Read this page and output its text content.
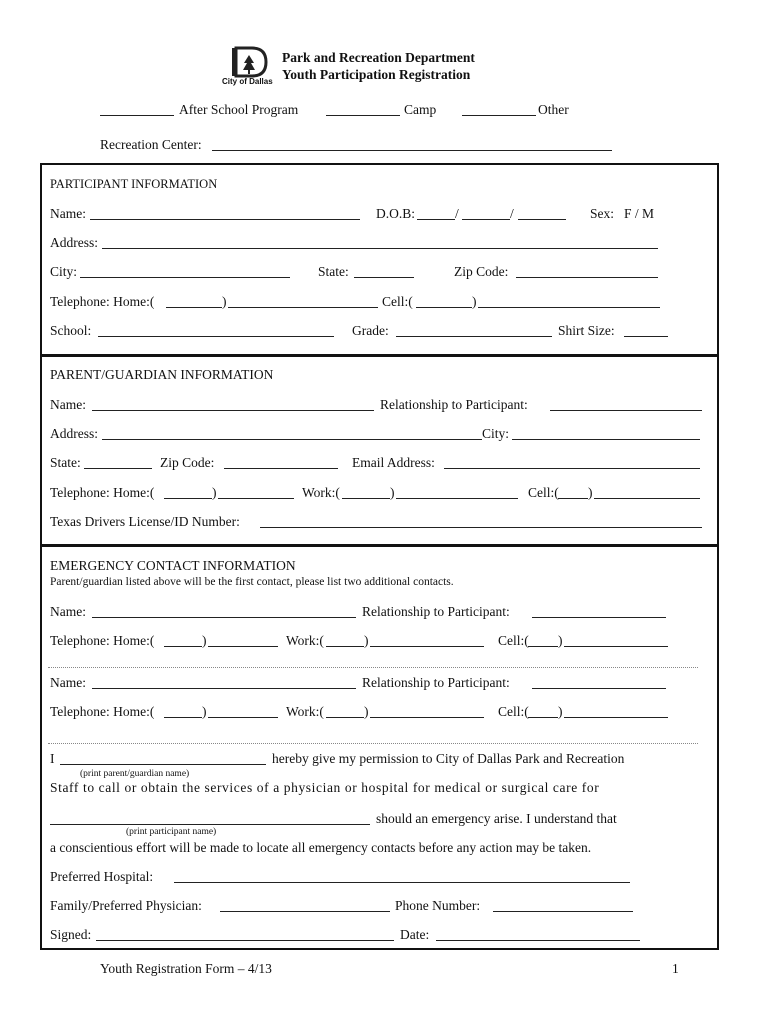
City of Dallas
Park and Recreation Department
Youth Participation Registration
After School Program	Camp	Other
Recreation Center:
PARTICIPANT INFORMATION
Name:	D.O.B:	/	/	Sex: F / M
Address:
City:	State:	Zip Code:
Telephone: Home:(	)	Cell:(	)
School:	Grade:	Shirt Size:
PARENT/GUARDIAN INFORMATION
Name:	Relationship to Participant:
Address:	City:
State:	Zip Code:	Email Address:
Telephone: Home:(	)	Work:(	)	Cell:( )
Texas Drivers License/ID Number:
EMERGENCY CONTACT INFORMATION
Parent/guardian listed above will be the first contact, please list two additional contacts.
Name:	Relationship to Participant:
Telephone: Home:(	)	Work:(	)	Cell:( )
Name:	Relationship to Participant:
Telephone: Home:(	)	Work:(	)	Cell:( )
I	hereby give my permission to City of Dallas Park and Recreation
(print parent/guardian name)
Staff to call or obtain the services of a physician or hospital for medical or surgical care for
should an emergency arise. I understand that
(print participant name)
a conscientious effort will be made to locate all emergency contacts before any action may be taken.
Preferred Hospital:
Family/Preferred Physician:	Phone Number:
Signed:	Date:
Youth Registration Form – 4/13	1
